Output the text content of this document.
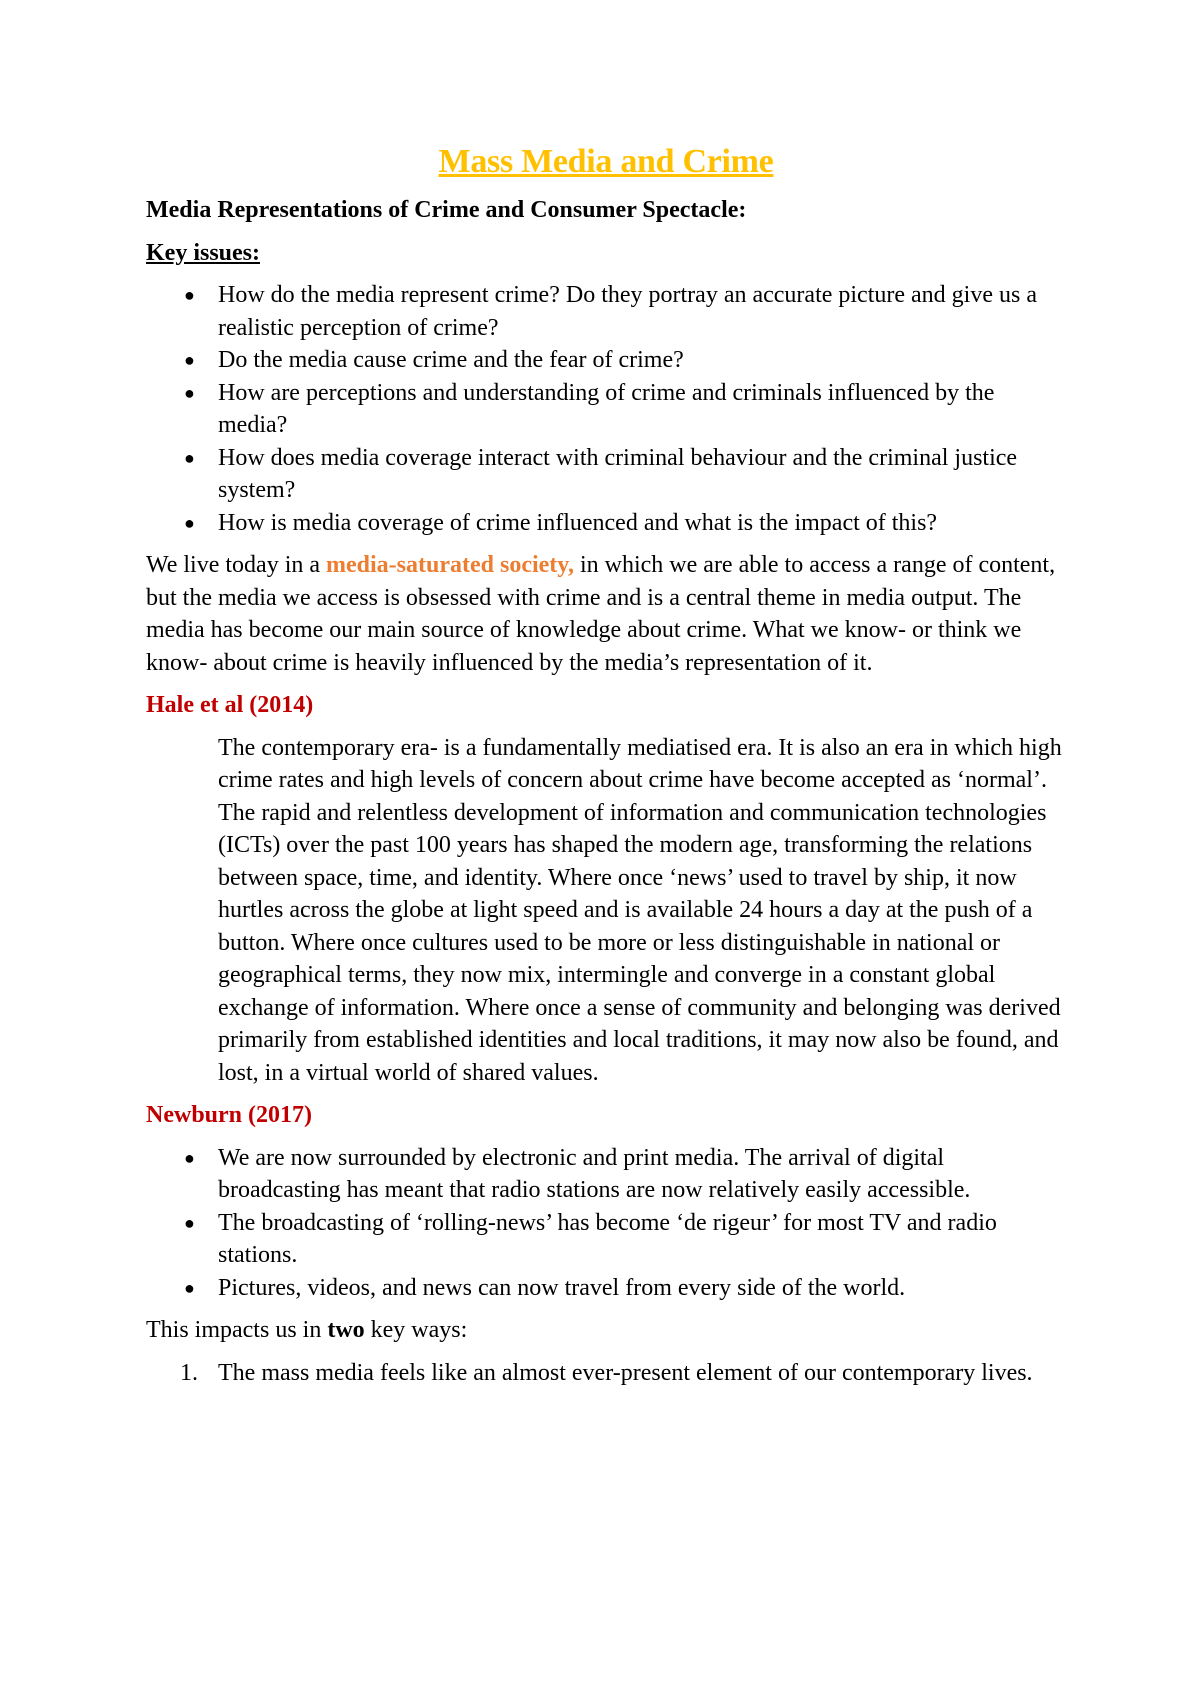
Mass Media and Crime

Media Representations of Crime and Consumer Spectacle:

Key issues:

● How do the media represent crime? Do they portray an accurate picture and give us a realistic perception of crime?
● Do the media cause crime and the fear of crime?
● How are perceptions and understanding of crime and criminals influenced by the media?
● How does media coverage interact with criminal behaviour and the criminal justice system?
● How is media coverage of crime influenced and what is the impact of this?

We live today in a media-saturated society, in which we are able to access a range of content, but the media we access is obsessed with crime and is a central theme in media output. The media has become our main source of knowledge about crime. What we know- or think we know- about crime is heavily influenced by the media’s representation of it.

Hale et al (2014)

The contemporary era- is a fundamentally mediatised era. It is also an era in which high crime rates and high levels of concern about crime have become accepted as ‘normal’. The rapid and relentless development of information and communication technologies (ICTs) over the past 100 years has shaped the modern age, transforming the relations between space, time, and identity. Where once ‘news’ used to travel by ship, it now hurtles across the globe at light speed and is available 24 hours a day at the push of a button. Where once cultures used to be more or less distinguishable in national or geographical terms, they now mix, intermingle and converge in a constant global exchange of information. Where once a sense of community and belonging was derived primarily from established identities and local traditions, it may now also be found, and lost, in a virtual world of shared values.

Newburn (2017)

● We are now surrounded by electronic and print media. The arrival of digital broadcasting has meant that radio stations are now relatively easily accessible.
● The broadcasting of ‘rolling-news’ has become ‘de rigeur’ for most TV and radio stations.
● Pictures, videos, and news can now travel from every side of the world.

This impacts us in two key ways:

1. The mass media feels like an almost ever-present element of our contemporary lives.
